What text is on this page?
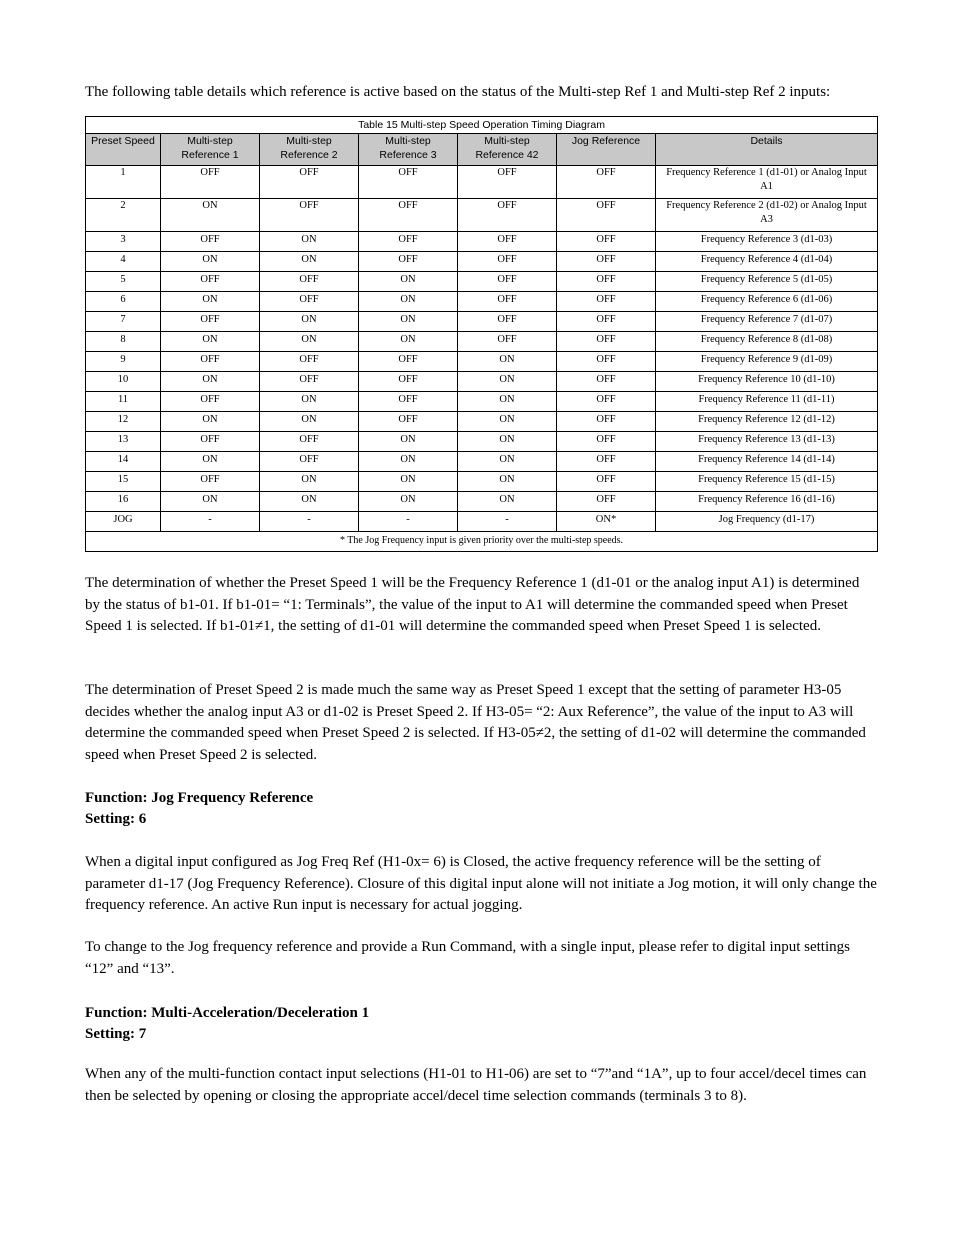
The following table details which reference is active based on the status of the Multi-step Ref 1 and Multi-step Ref 2 inputs:

Table 15 Multi-step Speed Operation Timing Diagram						
Preset Speed	Multi-step Reference 1	Multi-step Reference 2	Multi-step Reference 3	Multi-step Reference 42	Jog Reference	Details
1	OFF	OFF	OFF	OFF	OFF	Frequency Reference 1 (d1-01) or Analog Input A1
2	ON	OFF	OFF	OFF	OFF	Frequency Reference 2 (d1-02) or Analog Input A3
3	OFF	ON	OFF	OFF	OFF	Frequency Reference 3 (d1-03)
4	ON	ON	OFF	OFF	OFF	Frequency Reference 4 (d1-04)
5	OFF	OFF	ON	OFF	OFF	Frequency Reference 5 (d1-05)
6	ON	OFF	ON	OFF	OFF	Frequency Reference 6 (d1-06)
7	OFF	ON	ON	OFF	OFF	Frequency Reference 7 (d1-07)
8	ON	ON	ON	OFF	OFF	Frequency Reference 8 (d1-08)
9	OFF	OFF	OFF	ON	OFF	Frequency Reference 9 (d1-09)
10	ON	OFF	OFF	ON	OFF	Frequency Reference 10 (d1-10)
11	OFF	ON	OFF	ON	OFF	Frequency Reference 11 (d1-11)
12	ON	ON	OFF	ON	OFF	Frequency Reference 12 (d1-12)
13	OFF	OFF	ON	ON	OFF	Frequency Reference 13 (d1-13)
14	ON	OFF	ON	ON	OFF	Frequency Reference 14 (d1-14)
15	OFF	ON	ON	ON	OFF	Frequency Reference 15 (d1-15)
16	ON	ON	ON	ON	OFF	Frequency Reference 16 (d1-16)
JOG	-	-	-	-	ON*	Jog Frequency (d1-17)
* The Jog Frequency input is given priority over the multi-step speeds.						

The determination of whether the Preset Speed 1 will be the Frequency Reference 1 (d1-01 or the analog input A1) is determined by the status of b1-01. If b1-01= “1: Terminals”, the value of the input to A1 will determine the commanded speed when Preset Speed 1 is selected. If b1-01≠1, the setting of d1-01 will determine the commanded speed when Preset Speed 1 is selected.

The determination of Preset Speed 2 is made much the same way as Preset Speed 1 except that the setting of parameter H3-05 decides whether the analog input A3 or d1-02 is Preset Speed 2. If H3-05= “2: Aux Reference”, the value of the input to A3 will determine the commanded speed when Preset Speed 2 is selected. If H3-05≠2, the setting of d1-02 will determine the commanded speed when Preset Speed 2 is selected.

Function: Jog Frequency Reference

Setting: 6

When a digital input configured as Jog Freq Ref (H1-0x= 6) is Closed, the active frequency reference will be the setting of parameter d1-17 (Jog Frequency Reference). Closure of this digital input alone will not initiate a Jog motion, it will only change the frequency reference. An active Run input is necessary for actual jogging.

To change to the Jog frequency reference and provide a Run Command, with a single input, please refer to digital input settings “12” and “13”.

Function: Multi-Acceleration/Deceleration 1

Setting: 7

When any of the multi-function contact input selections (H1-01 to H1-06) are set to “7”and “1A”, up to four accel/decel times can then be selected by opening or closing the appropriate accel/decel time selection commands (terminals 3 to 8).
